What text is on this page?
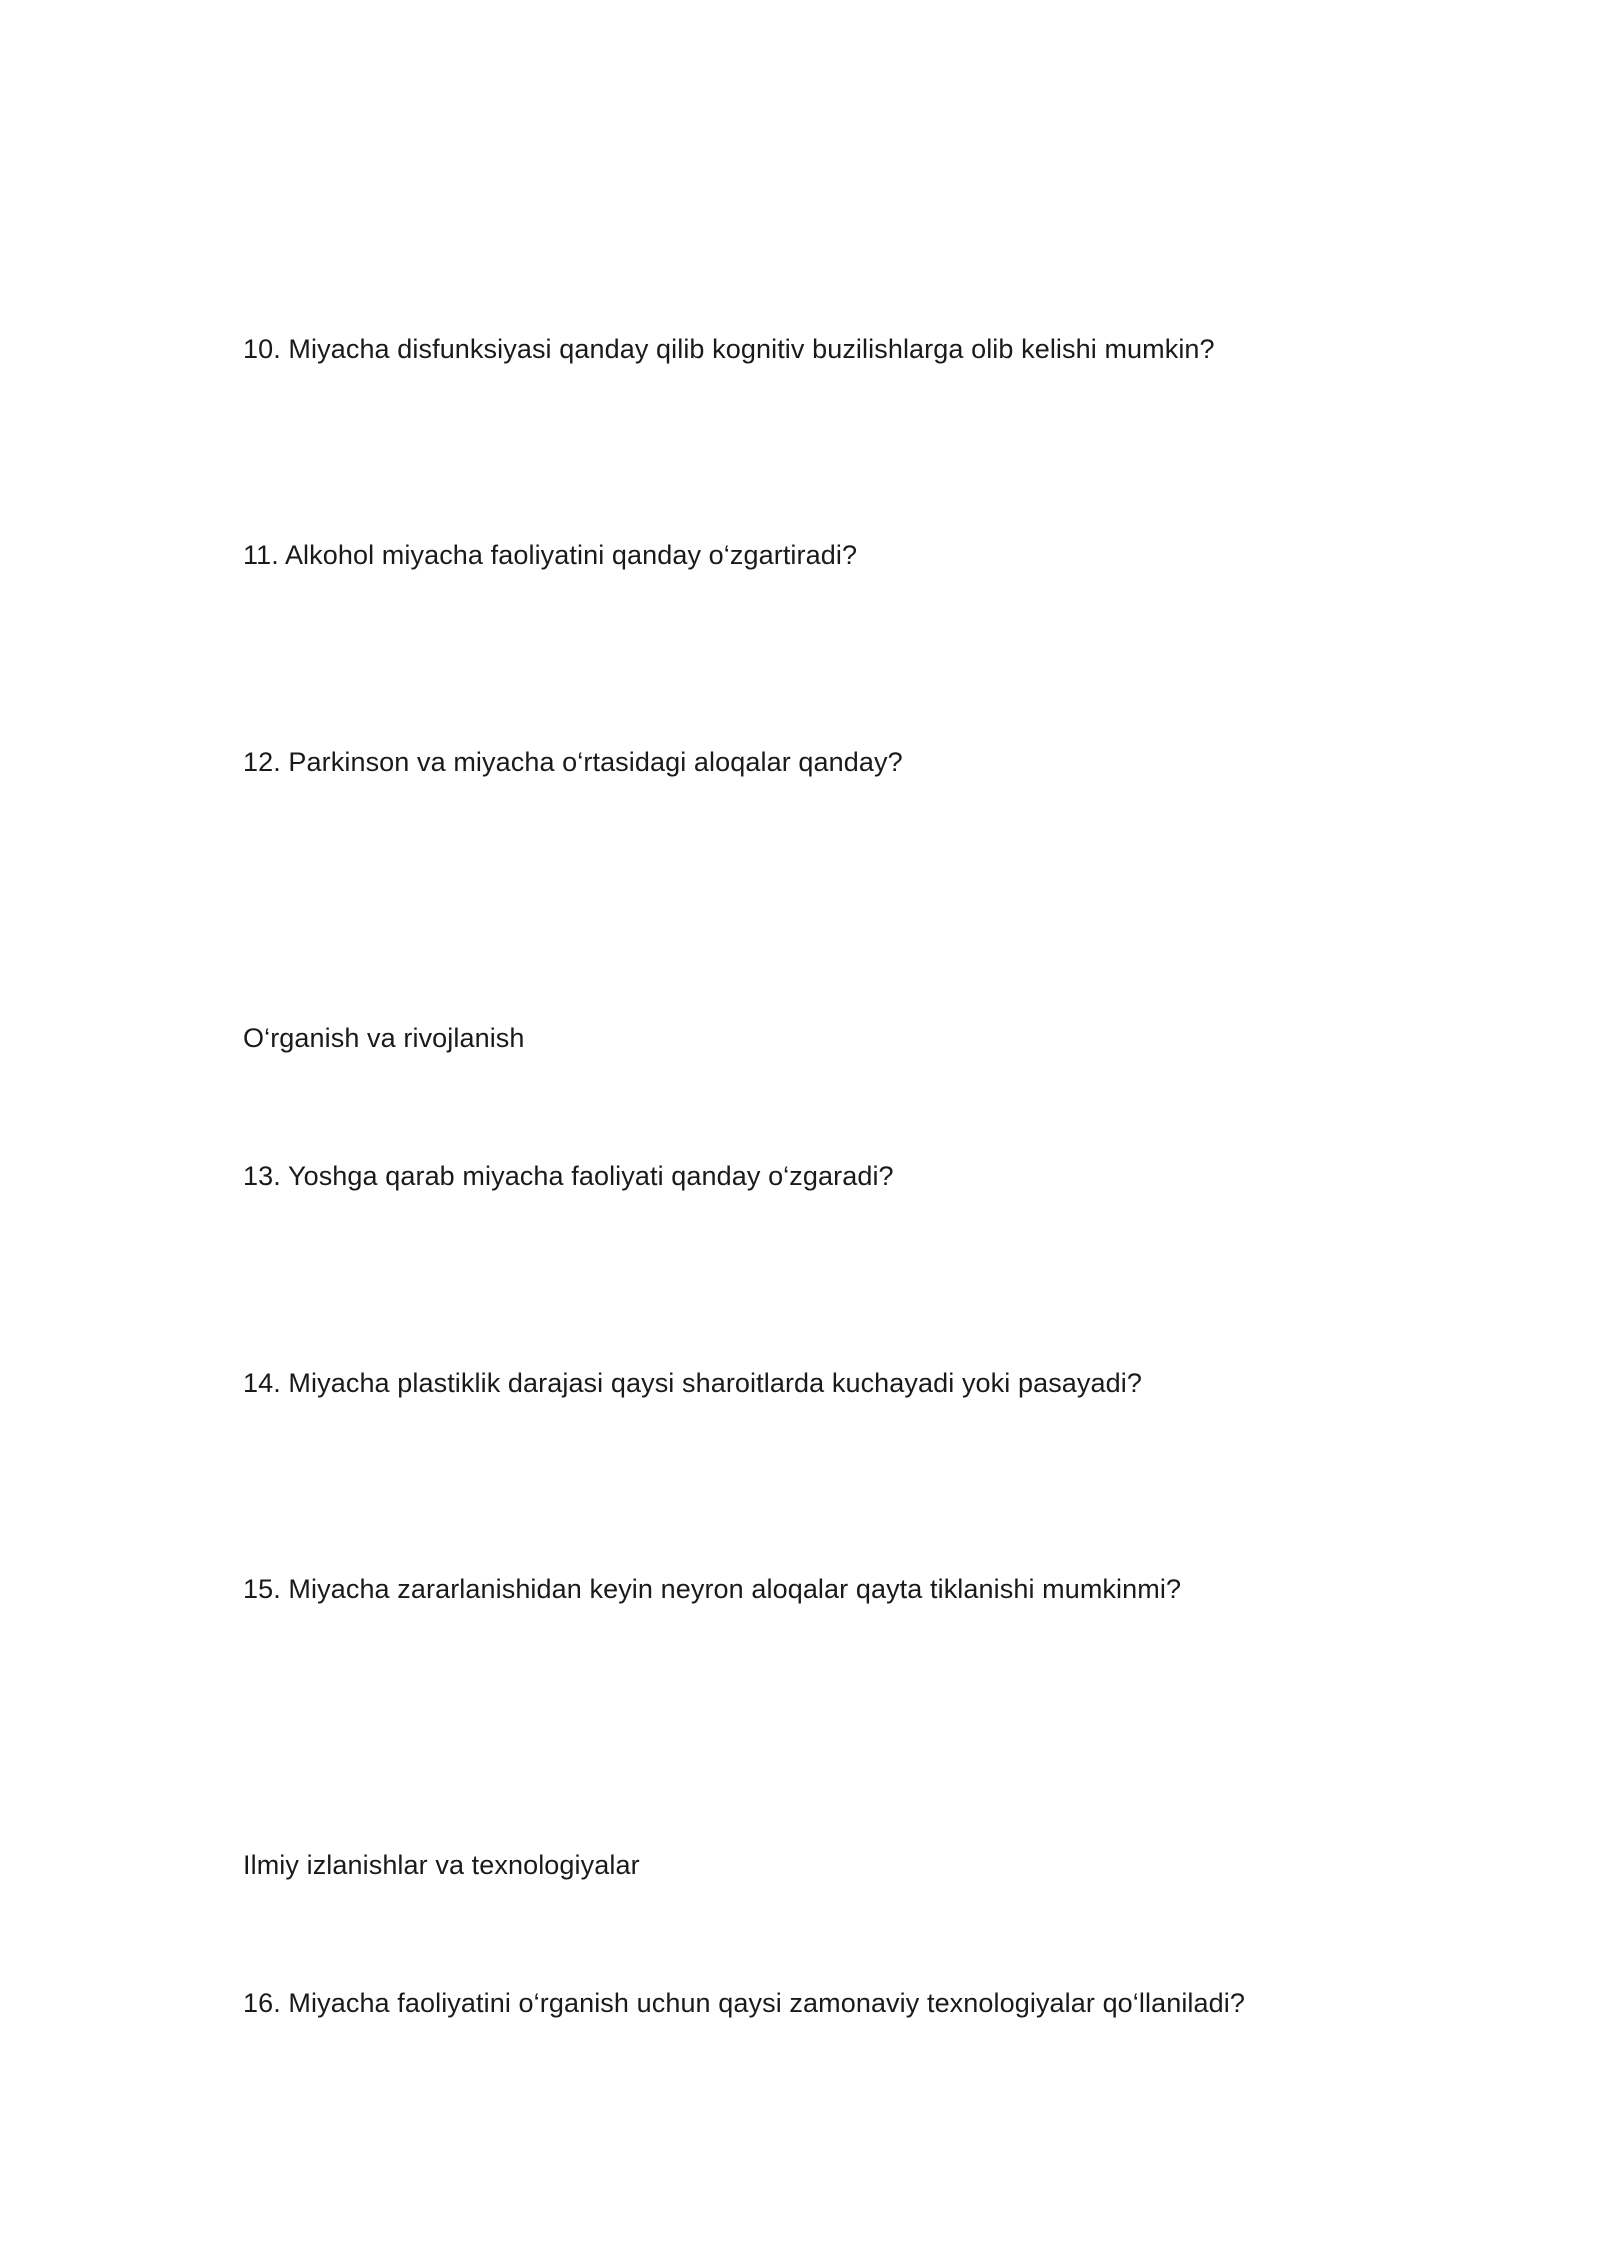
10. Miyacha disfunksiyasi qanday qilib kognitiv buzilishlarga olib kelishi mumkin?
11. Alkohol miyacha faoliyatini qanday o‘zgartiradi?
12. Parkinson va miyacha o‘rtasidagi aloqalar qanday?
O‘rganish va rivojlanish
13. Yoshga qarab miyacha faoliyati qanday o‘zgaradi?
14. Miyacha plastiklik darajasi qaysi sharoitlarda kuchayadi yoki pasayadi?
15. Miyacha zararlanishidan keyin neyron aloqalar qayta tiklanishi mumkinmi?
Ilmiy izlanishlar va texnologiyalar
16. Miyacha faoliyatini o‘rganish uchun qaysi zamonaviy texnologiyalar qo‘llaniladi?
